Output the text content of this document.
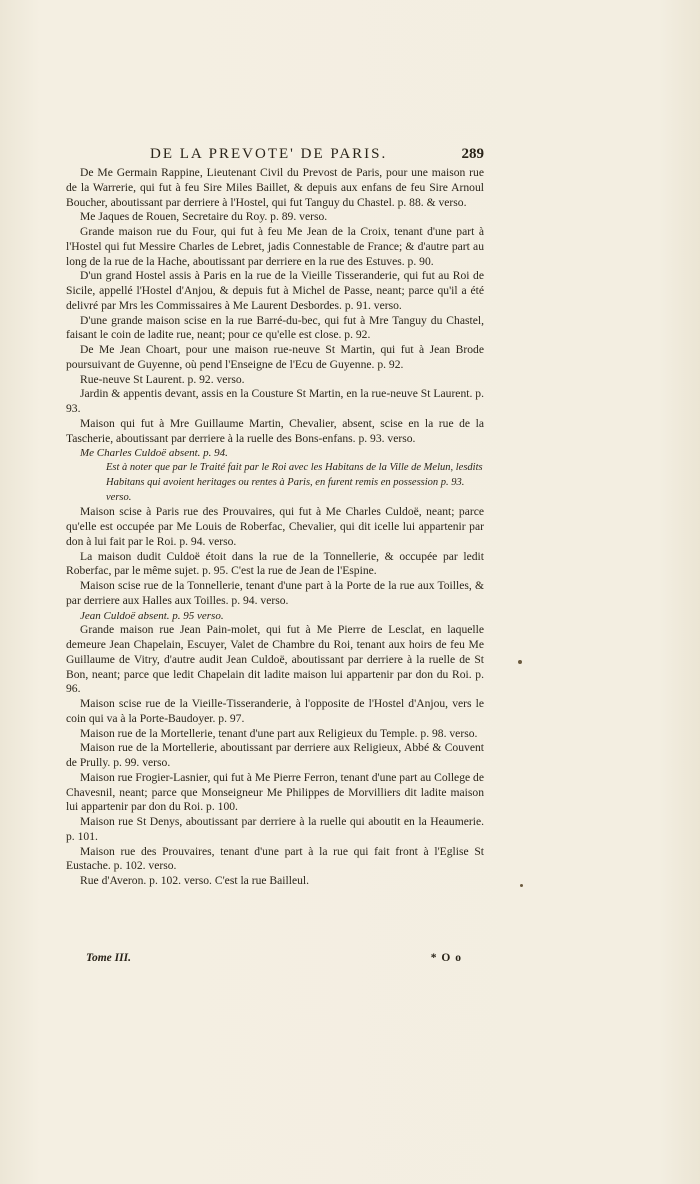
DE LA PREVOTE' DE PARIS.	289

De Me Germain Rappine, Lieutenant Civil du Prevost de Paris, pour une maison rue de la Warrerie, qui fut à feu Sire Miles Baillet, & depuis aux enfans de feu Sire Arnoul Boucher, aboutissant par derriere à l'Hostel, qui fut Tanguy du Chastel. p. 88. & verso.

Me Jaques de Rouen, Secretaire du Roy. p. 89. verso.

Grande maison rue du Four, qui fut à feu Me Jean de la Croix, tenant d'une part à l'Hostel qui fut Messire Charles de Lebret, jadis Connestable de France; & d'autre part au long de la rue de la Hache, aboutissant par derriere en la rue des Estuves. p. 90.

D'un grand Hostel assis à Paris en la rue de la Vieille Tisseranderie, qui fut au Roi de Sicile, appellé l'Hostel d'Anjou, & depuis fut à Michel de Passe, neant; parce qu'il a été delivré par Mrs les Commissaires à Me Laurent Desbordes. p. 91. verso.

D'une grande maison scise en la rue Barré-du-bec, qui fut à Mre Tanguy du Chastel, faisant le coin de ladite rue, neant; pour ce qu'elle est close. p. 92.

De Me Jean Choart, pour une maison rue-neuve St Martin, qui fut à Jean Brode poursuivant de Guyenne, où pend l'Enseigne de l'Ecu de Guyenne. p. 92.

Rue-neuve St Laurent. p. 92. verso.

Jardin & appentis devant, assis en la Cousture St Martin, en la rue-neuve St Laurent. p. 93.

Maison qui fut à Mre Guillaume Martin, Chevalier, absent, scise en la rue de la Tascherie, aboutissant par derriere à la ruelle des Bons-enfans. p. 93. verso.

Me Charles Culdoë absent. p. 94.

Est à noter que par le Traité fait par le Roi avec les Habitans de la Ville de Melun, lesdits Habitans qui avoient heritages ou rentes à Paris, en furent remis en possession p. 93. verso.

Maison scise à Paris rue des Prouvaires, qui fut à Me Charles Culdoë, neant; parce qu'elle est occupée par Me Louis de Roberfac, Chevalier, qui dit icelle lui appartenir par don à lui fait par le Roi. p. 94. verso.

La maison dudit Culdoë étoit dans la rue de la Tonnellerie, & occupée par ledit Roberfac, par le même sujet. p. 95. C'est la rue de Jean de l'Espine.

Maison scise rue de la Tonnellerie, tenant d'une part à la Porte de la rue aux Toilles, & par derriere aux Halles aux Toilles. p. 94. verso.

Jean Culdoë absent. p. 95 verso.

Grande maison rue Jean Pain-molet, qui fut à Me Pierre de Lesclat, en laquelle demeure Jean Chapelain, Escuyer, Valet de Chambre du Roi, tenant aux hoirs de feu Me Guillaume de Vitry, d'autre audit Jean Culdoë, aboutissant par derriere à la ruelle de St Bon, neant; parce que ledit Chapelain dit ladite maison lui appartenir par don du Roi. p. 96.

Maison scise rue de la Vieille-Tisseranderie, à l'opposite de l'Hostel d'Anjou, vers le coin qui va à la Porte-Baudoyer. p. 97.

Maison rue de la Mortellerie, tenant d'une part aux Religieux du Temple. p. 98. verso.

Maison rue de la Mortellerie, aboutissant par derriere aux Religieux, Abbé & Couvent de Prully. p. 99. verso.

Maison rue Frogier-Lasnier, qui fut à Me Pierre Ferron, tenant d'une part au College de Chavesnil, neant; parce que Monseigneur Me Philippes de Morvilliers dit ladite maison lui appartenir par don du Roi. p. 100.

Maison rue St Denys, aboutissant par derriere à la ruelle qui aboutit en la Heaumerie. p. 101.

Maison rue des Prouvaires, tenant d'une part à la rue qui fait front à l'Eglise St Eustache. p. 102. verso.

Rue d'Averon. p. 102. verso. C'est la rue Bailleul.

Tome III.	* O o
